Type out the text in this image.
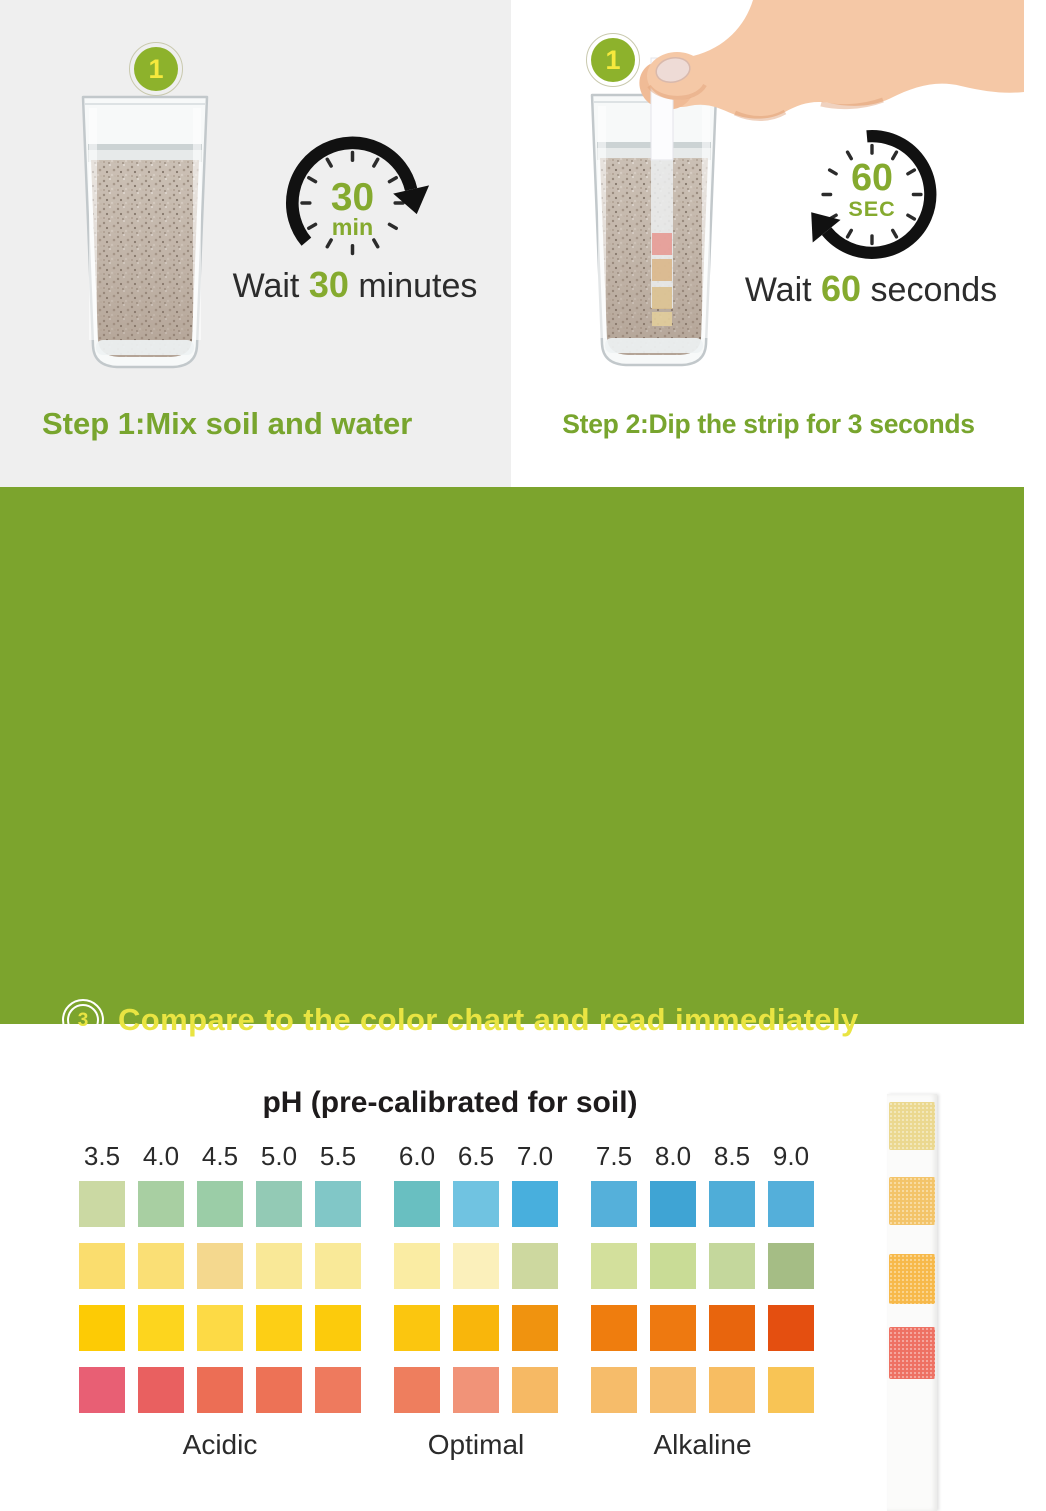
1
30
min
Wait 30 minutes
Step 1:Mix soil and water
1
60
SEC
Wait 60 seconds
Step 2:Dip the strip for 3 seconds
3 Compare to the color chart and read immediately
pH (pre-calibrated for soil)
3.5 4.0 4.5 5.0 5.5 6.0 6.5 7.0 7.5 8.0 8.5 9.0
Acidic	Optimal	Alkaline
